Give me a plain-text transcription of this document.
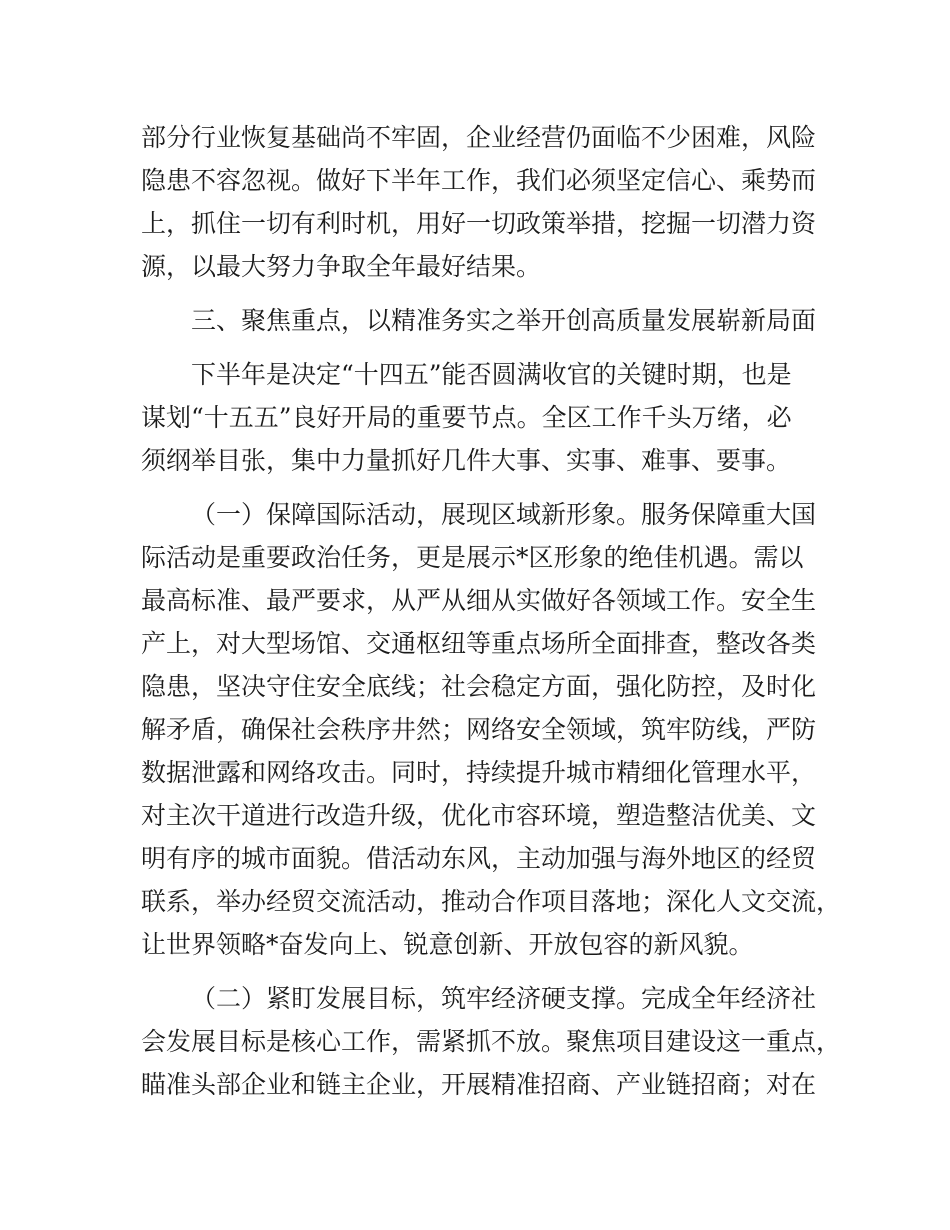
部分行业恢复基础尚不牢固，企业经营仍面临不少困难，风险
隐患不容忽视。做好下半年工作，我们必须坚定信心、乘势而
上，抓住一切有利时机，用好一切政策举措，挖掘一切潜力资
源，以最大努力争取全年最好结果。
三、聚焦重点，以精准务实之举开创高质量发展崭新局面
下半年是决定“十四五”能否圆满收官的关键时期，也是
谋划“十五五”良好开局的重要节点。全区工作千头万绪，必
须纲举目张，集中力量抓好几件大事、实事、难事、要事。
（一）保障国际活动，展现区域新形象。服务保障重大国
际活动是重要政治任务，更是展示*区形象的绝佳机遇。需以
最高标准、最严要求，从严从细从实做好各领域工作。安全生
产上，对大型场馆、交通枢纽等重点场所全面排查，整改各类
隐患，坚决守住安全底线；社会稳定方面，强化防控，及时化
解矛盾，确保社会秩序井然；网络安全领域，筑牢防线，严防
数据泄露和网络攻击。同时，持续提升城市精细化管理水平，
对主次干道进行改造升级，优化市容环境，塑造整洁优美、文
明有序的城市面貌。借活动东风，主动加强与海外地区的经贸
联系，举办经贸交流活动，推动合作项目落地；深化人文交流，
让世界领略*奋发向上、锐意创新、开放包容的新风貌。
（二）紧盯发展目标，筑牢经济硬支撑。完成全年经济社
会发展目标是核心工作，需紧抓不放。聚焦项目建设这一重点，
瞄准头部企业和链主企业，开展精准招商、产业链招商；对在
